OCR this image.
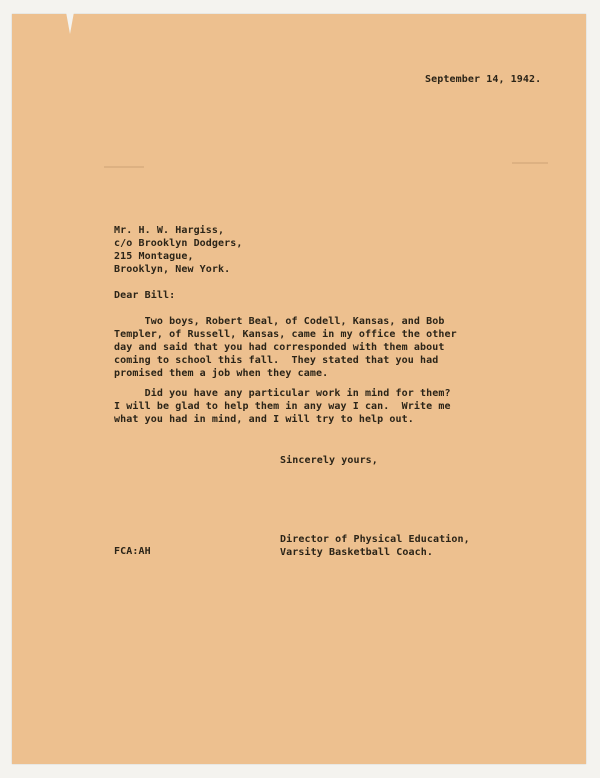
September 14, 1942.
Mr. H. W. Hargiss,
c/o Brooklyn Dodgers,
215 Montague,
Brooklyn, New York.
Dear Bill:
Two boys, Robert Beal, of Codell, Kansas, and Bob
Templer, of Russell, Kansas, came in my office the other
day and said that you had corresponded with them about
coming to school this fall.  They stated that you had
promised them a job when they came.
Did you have any particular work in mind for them?
I will be glad to help them in any way I can.  Write me
what you had in mind, and I will try to help out.
Sincerely yours,
Director of Physical Education,
Varsity Basketball Coach.
FCA:AH
